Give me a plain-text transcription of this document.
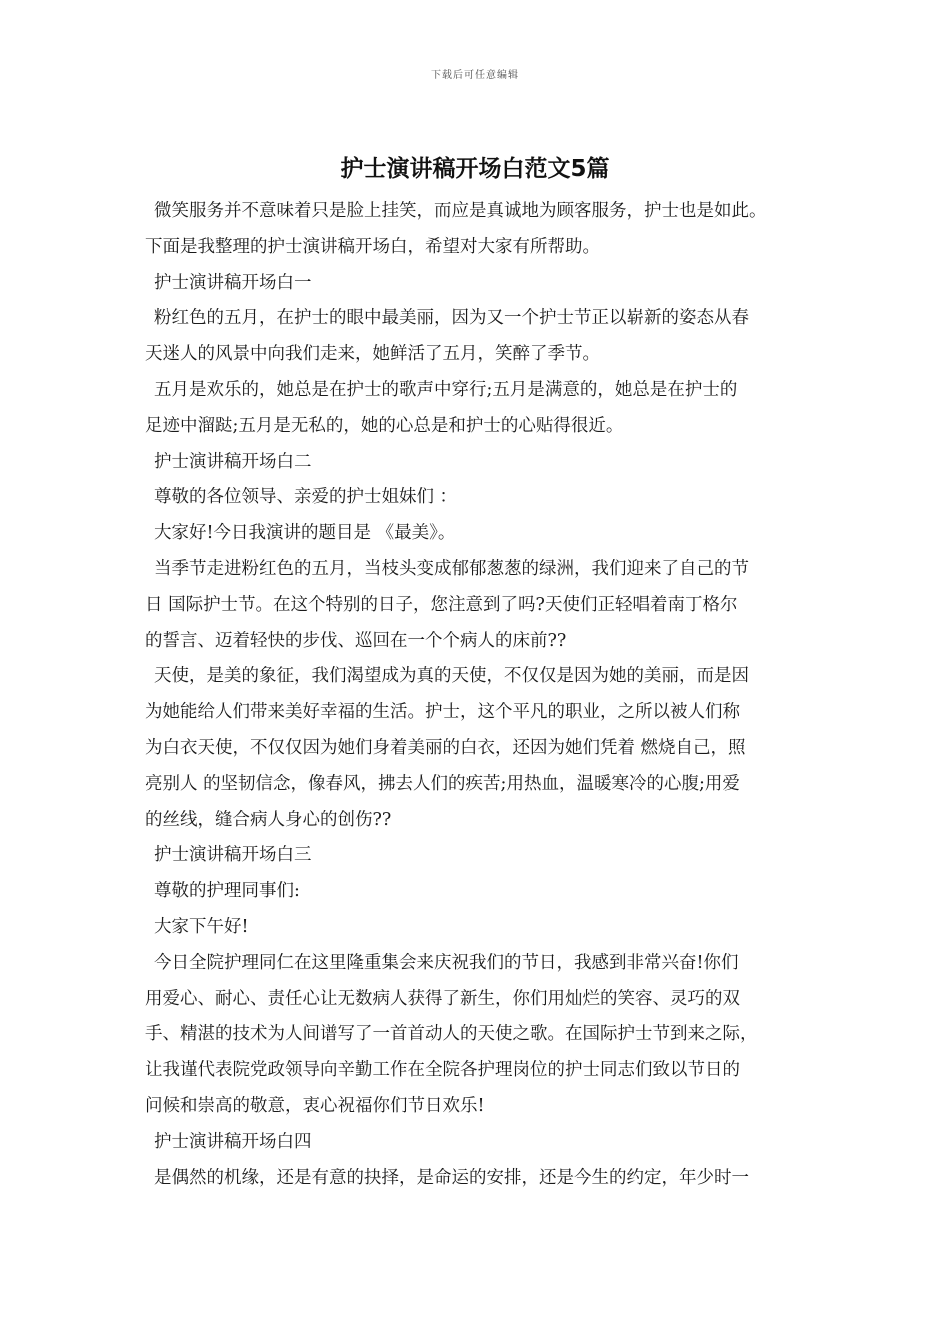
下载后可任意编辑
护士演讲稿开场白范文5篇
微笑服务并不意味着只是脸上挂笑，而应是真诚地为顾客服务，护士也是如此。
下面是我整理的护士演讲稿开场白，希望对大家有所帮助。
护士演讲稿开场白一
粉红色的五月，在护士的眼中最美丽，因为又一个护士节正以崭新的姿态从春
天迷人的风景中向我们走来，她鲜活了五月，笑醉了季节。
五月是欢乐的，她总是在护士的歌声中穿行;五月是满意的，她总是在护士的
足迹中溜跶;五月是无私的，她的心总是和护士的心贴得很近。
护士演讲稿开场白二
尊敬的各位领导、亲爱的护士姐妹们 ：
大家好!今日我演讲的题目是 《最美》。
当季节走进粉红色的五月，当枝头变成郁郁葱葱的绿洲，我们迎来了自己的节
日 国际护士节。在这个特别的日子，您注意到了吗?天使们正轻唱着南丁格尔
的誓言、迈着轻快的步伐、巡回在一个个病人的床前??
天使，是美的象征，我们渴望成为真的天使，不仅仅是因为她的美丽，而是因
为她能给人们带来美好幸福的生活。护士，这个平凡的职业，之所以被人们称
为白衣天使，不仅仅因为她们身着美丽的白衣，还因为她们凭着 燃烧自己，照
亮别人 的坚韧信念，像春风，拂去人们的疾苦;用热血，温暖寒冷的心腹;用爱
的丝线，缝合病人身心的创伤??
护士演讲稿开场白三
尊敬的护理同事们:
大家下午好!
今日全院护理同仁在这里隆重集会来庆祝我们的节日，我感到非常兴奋!你们
用爱心、耐心、责任心让无数病人获得了新生，你们用灿烂的笑容、灵巧的双
手、精湛的技术为人间谱写了一首首动人的天使之歌。在国际护士节到来之际，
让我谨代表院党政领导向辛勤工作在全院各护理岗位的护士同志们致以节日的
问候和崇高的敬意，衷心祝福你们节日欢乐!
护士演讲稿开场白四
是偶然的机缘，还是有意的抉择，是命运的安排，还是今生的约定，年少时一
